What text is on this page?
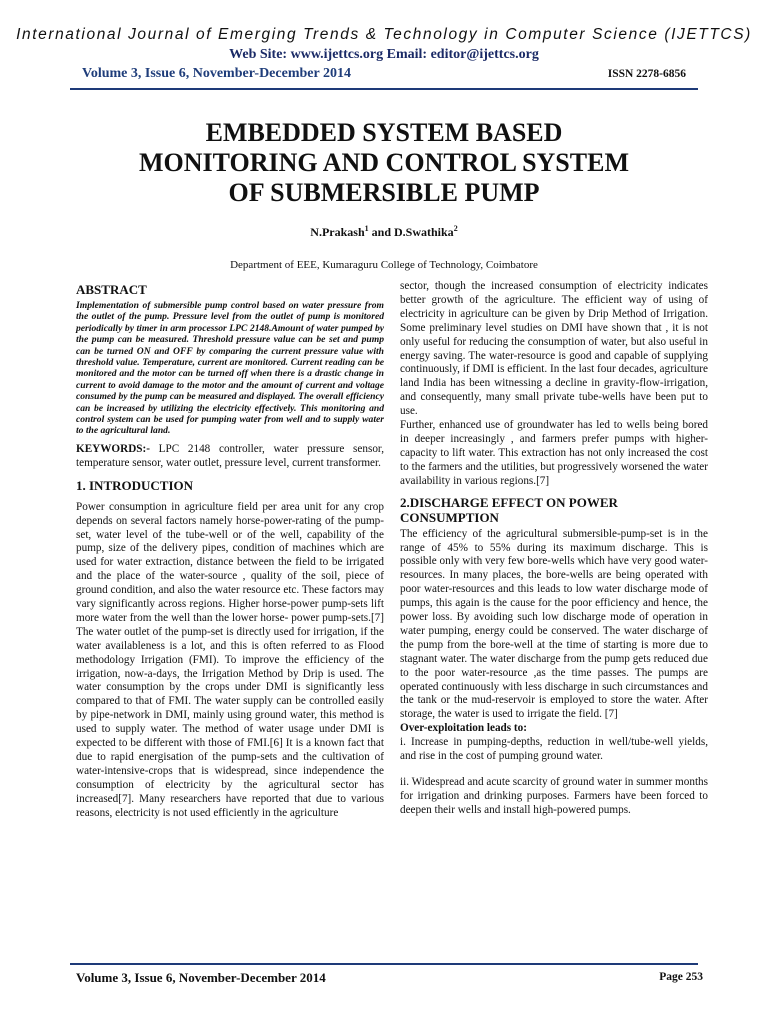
International Journal of Emerging Trends & Technology in Computer Science (IJETTCS)
Web Site: www.ijettcs.org Email: editor@ijettcs.org
Volume 3, Issue 6, November-December 2014	ISSN 2278-6856
EMBEDDED SYSTEM BASED
MONITORING AND CONTROL SYSTEM
OF SUBMERSIBLE PUMP
N.Prakash$^1$ and D.Swathika$^2$
Department of EEE, Kumaraguru College of Technology, Coimbatore
ABSTRACT

Implementation of submersible pump control based on water pressure from the outlet of the pump. Pressure level from the outlet of pump is monitored periodically by timer in arm processor LPC 2148.Amount of water pumped by the pump can be measured. Threshold pressure value can be set and pump can be turned ON and OFF by comparing the current pressure value with threshold value. Temperature, current are monitored. Current reading can be monitored and the motor can be turned off when there is a drastic change in current to avoid damage to the motor and the amount of current and voltage consumed by the pump can be measured and displayed. The overall efficiency can be increased by utilizing the electricity effectively. This monitoring and control system can be used for pumping water from well and to supply water to the agricultural land.

KEYWORDS:- LPC 2148 controller, water pressure sensor, temperature sensor, water outlet, pressure level, current transformer.

1. INTRODUCTION

Power consumption in agriculture field per area unit for any crop depends on several factors namely horse-power-rating of the pump-set, water level of the tube-well or of the well, capability of the pump, size of the delivery pipes, condition of machines which are used for water extraction, distance between the field to be irrigated and the place of the water-source , quality of the soil, piece of ground condition, and also the water resource etc. These factors may vary significantly across regions. Higher horse-power pump-sets lift more water from the well than the lower horse- power pump-sets.[7] The water outlet of the pump-set is directly used for irrigation, if the water availableness is a lot, and this is often referred to as Flood methodology Irrigation (FMI). To improve the efficiency of the irrigation, now-a-days, the Irrigation Method by Drip is used. The water consumption by the crops under DMI is significantly less compared to that of FMI. The water supply can be controlled easily by pipe-network in DMI, mainly using ground water, this method is used to supply water. The method of water usage under DMI is expected to be different with those of FMI.[6] It is a known fact that due to rapid energisation of the pump-sets and the cultivation of water-intensive-crops that is widespread, since independence the consumption of electricity by the agricultural sector has increased[7]. Many researchers have reported that due to various reasons, electricity is not used efficiently in the agriculture

sector, though the increased consumption of electricity indicates better growth of the agriculture. The efficient way of using of electricity in agriculture can be given by Drip Method of Irrigation. Some preliminary level studies on DMI have shown that , it is not only useful for reducing the consumption of water, but also useful in energy saving. The water-resource is good and capable of supplying continuously, if DMI is efficient. In the last four decades, agriculture land India has been witnessing a decline in gravity-flow-irrigation, and consequently, many small private tube-wells have been put to use.

Further, enhanced use of groundwater has led to wells being bored in deeper increasingly , and farmers prefer pumps with higher-capacity to lift water. This extraction has not only increased the cost to the farmers and the utilities, but progressively worsened the water availability in various regions.[7]

2.DISCHARGE EFFECT ON POWER CONSUMPTION

The efficiency of the agricultural submersible-pump-set is in the range of 45% to 55% during its maximum discharge. This is possible only with very few bore-wells which have very good water-resources. In many places, the bore-wells are being operated with poor water-resources and this leads to low water discharge mode of pumps, this again is the cause for the poor efficiency and hence, the power loss. By avoiding such low discharge mode of operation in water pumping, energy could be conserved. The water discharge of the pump from the bore-well at the time of starting is more due to stagnant water. The water discharge from the pump gets reduced due to the poor water-resource ,as the time passes. The pumps are operated continuously with less discharge in such circumstances and the tank or the mud-reservoir is employed to store the water. After storage, the water is used to irrigate the field. [7]

Over-exploitation leads to:

i. Increase in pumping-depths, reduction in well/tube-well yields, and rise in the cost of pumping ground water.

ii. Widespread and acute scarcity of ground water in summer months for irrigation and drinking purposes. Farmers have been forced to deepen their wells and install high-powered pumps.

Volume 3, Issue 6, November-December 2014	Page 253
